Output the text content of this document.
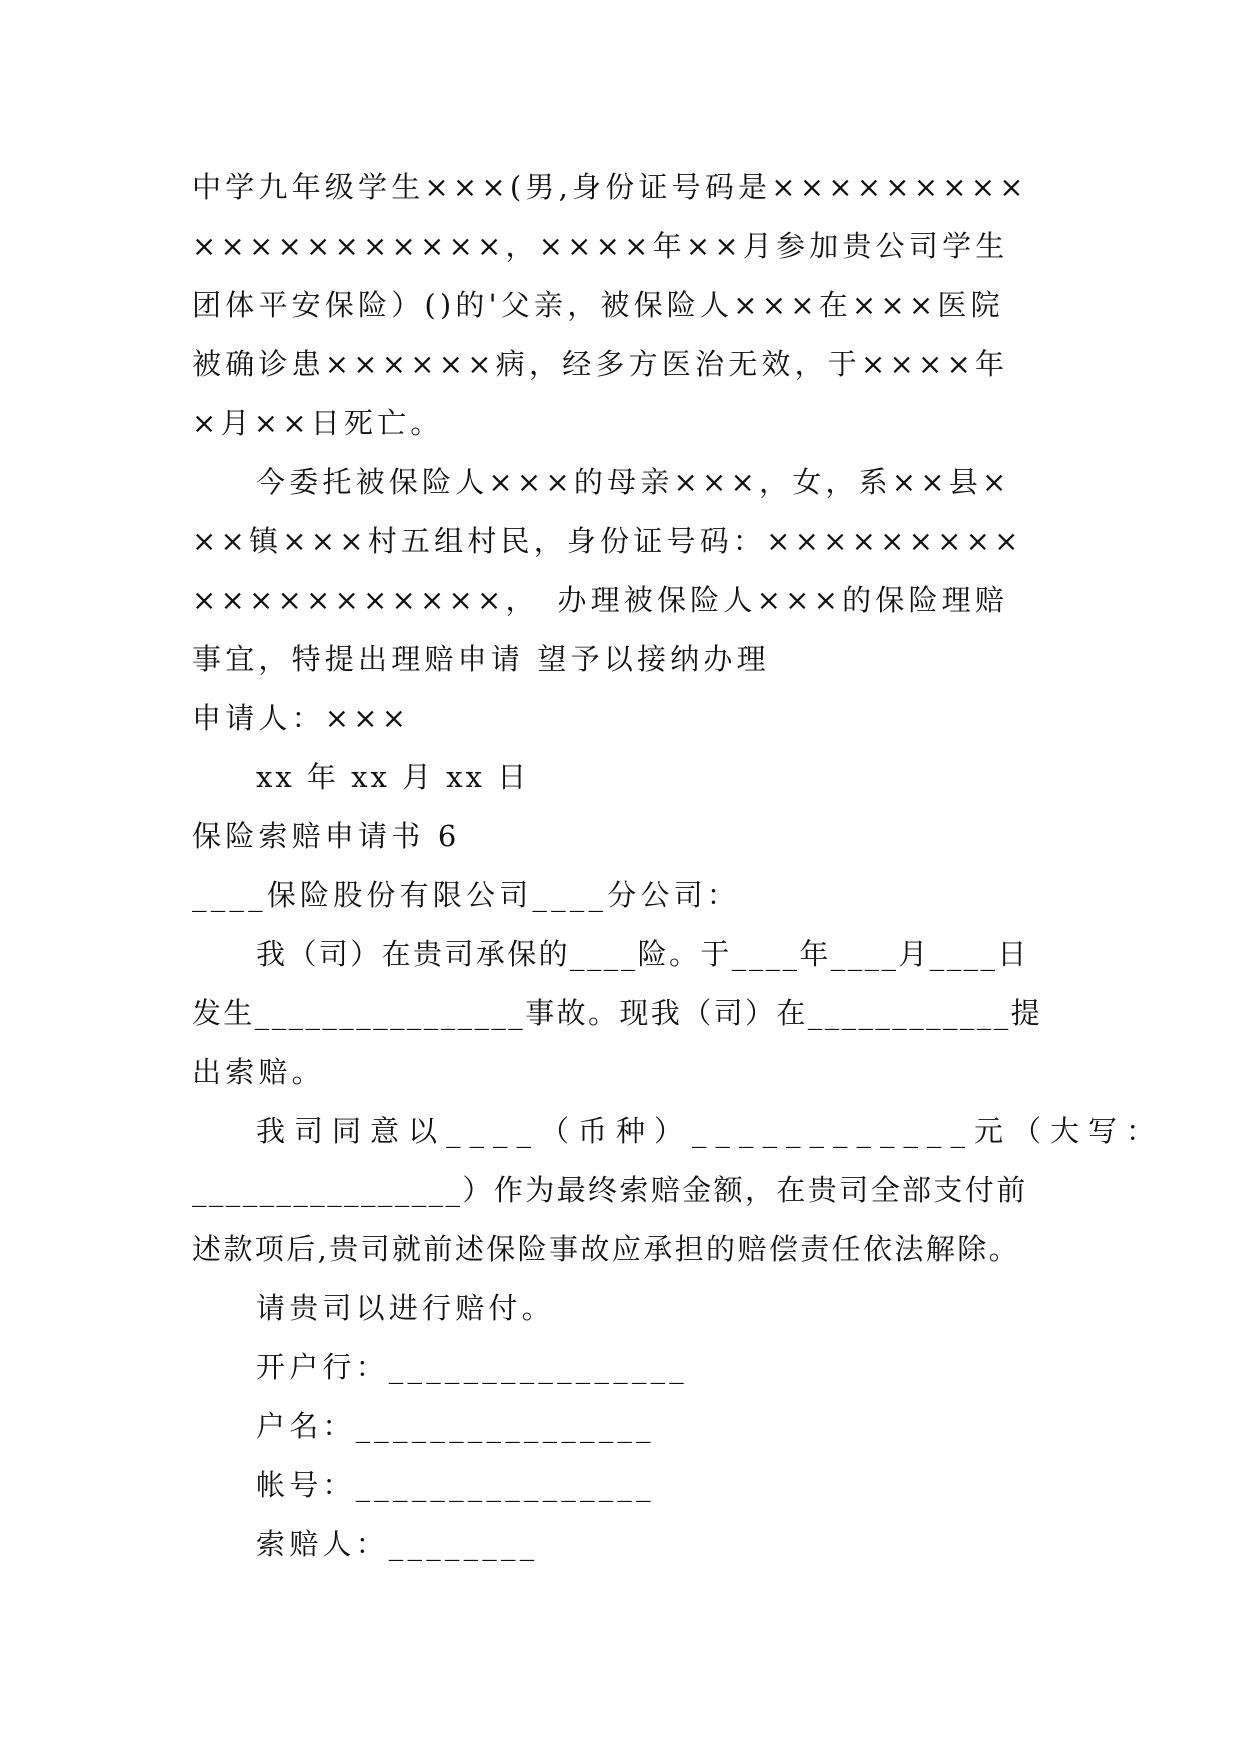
中学九年级学生×××(男,身份证号码是×××××××××
×××××××××××，××××年××月参加贵公司学生
团体平安保险）()的'父亲，被保险人×××在×××医院
被确诊患××××××病，经多方医治无效，于××××年
×月××日死亡。
今委托被保险人×××的母亲×××，女，系××县×
××镇×××村五组村民，身份证号码：×××××××××
×××××××××××，　办理被保险人×××的保险理赔
事宜，特提出理赔申请 望予以接纳办理
申请人：×××
xx 年 xx 月 xx 日
保险索赔申请书 6
____保险股份有限公司____分公司：
我（司）在贵司承保的____险。于____年____月____日
发生________________事故。现我（司）在____________提
出索赔。
我司同意以____（币种）____________元（大写：
________________）作为最终索赔金额，在贵司全部支付前
述款项后,贵司就前述保险事故应承担的赔偿责任依法解除。
请贵司以进行赔付。
开户行：________________
户名：________________
帐号：________________
索赔人：________
